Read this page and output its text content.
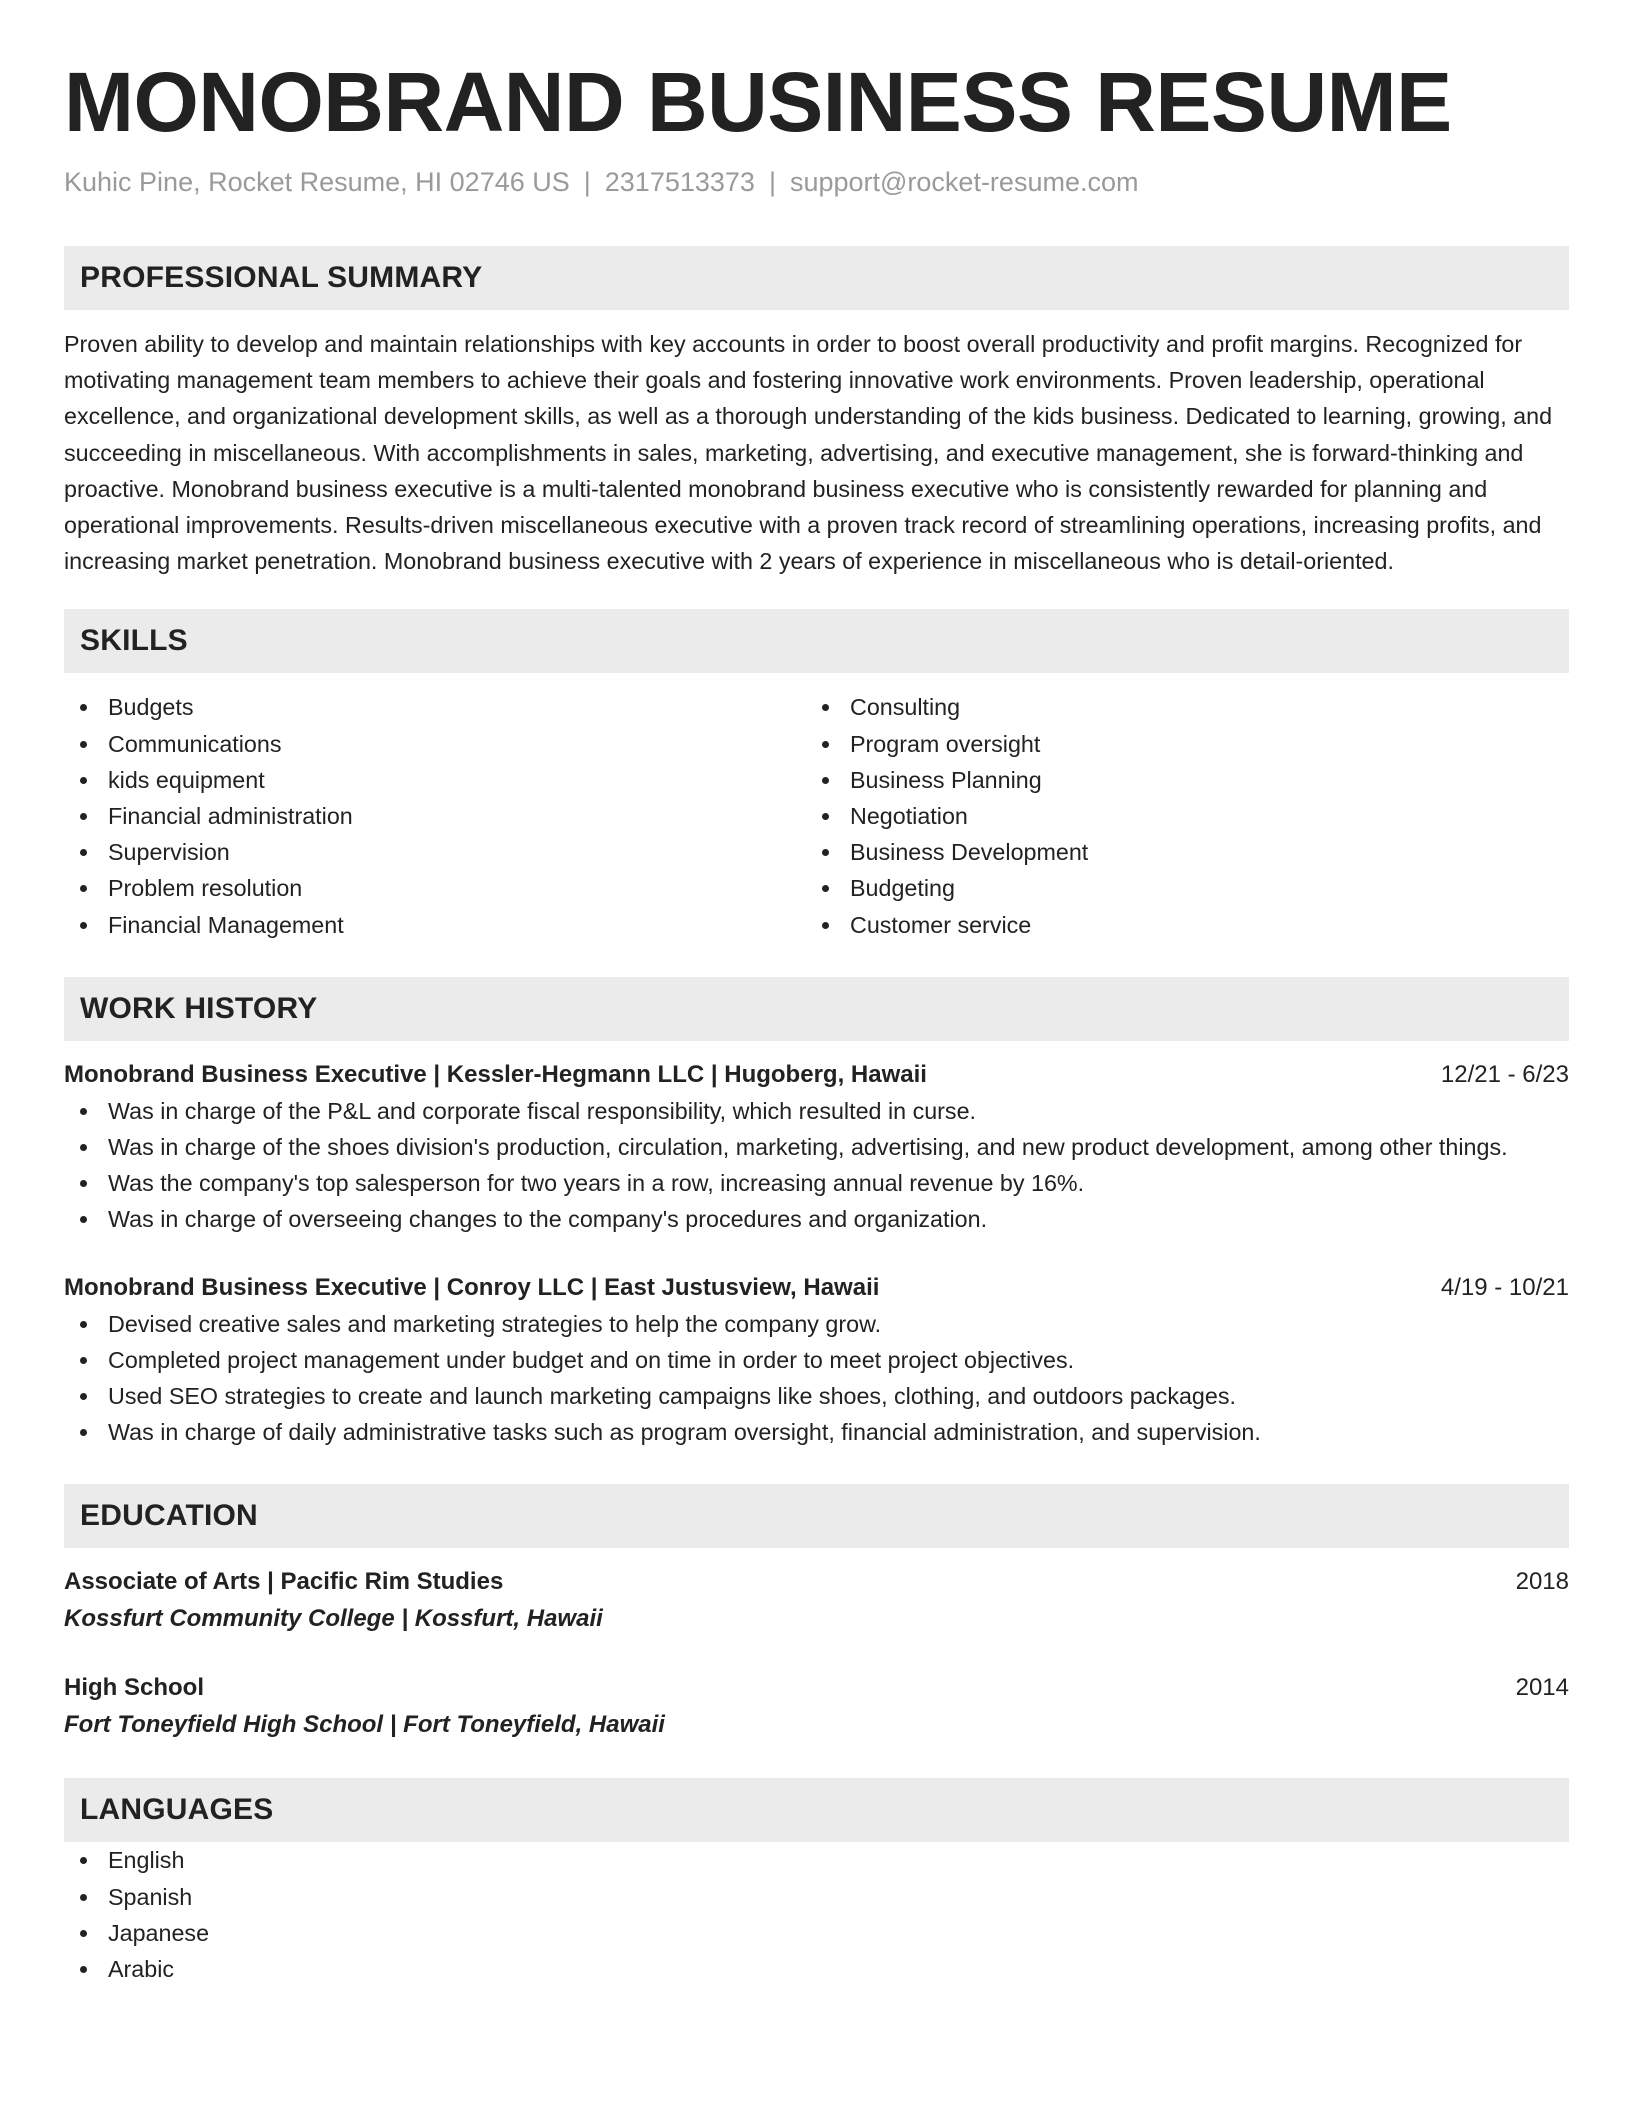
MONOBRAND BUSINESS RESUME
Kuhic Pine, Rocket Resume, HI 02746 US | 2317513373 | support@rocket-resume.com
PROFESSIONAL SUMMARY

Proven ability to develop and maintain relationships with key accounts in order to boost overall productivity and profit margins. Recognized for motivating management team members to achieve their goals and fostering innovative work environments. Proven leadership, operational excellence, and organizational development skills, as well as a thorough understanding of the kids business. Dedicated to learning, growing, and succeeding in miscellaneous. With accomplishments in sales, marketing, advertising, and executive management, she is forward-thinking and proactive. Monobrand business executive is a multi-talented monobrand business executive who is consistently rewarded for planning and operational improvements. Results-driven miscellaneous executive with a proven track record of streamlining operations, increasing profits, and increasing market penetration. Monobrand business executive with 2 years of experience in miscellaneous who is detail-oriented.

SKILLS
Budgets
Communications
kids equipment
Financial administration
Supervision
Problem resolution
Financial Management
Consulting
Program oversight
Business Planning
Negotiation
Business Development
Budgeting
Customer service
WORK HISTORY
Monobrand Business Executive | Kessler-Hegmann LLC | Hugoberg, Hawaii	12/21 - 6/23
Was in charge of the P&L and corporate fiscal responsibility, which resulted in curse.
Was in charge of the shoes division's production, circulation, marketing, advertising, and new product development, among other things.
Was the company's top salesperson for two years in a row, increasing annual revenue by 16%.
Was in charge of overseeing changes to the company's procedures and organization.
Monobrand Business Executive | Conroy LLC | East Justusview, Hawaii	4/19 - 10/21
Devised creative sales and marketing strategies to help the company grow.
Completed project management under budget and on time in order to meet project objectives.
Used SEO strategies to create and launch marketing campaigns like shoes, clothing, and outdoors packages.
Was in charge of daily administrative tasks such as program oversight, financial administration, and supervision.
EDUCATION
Associate of Arts | Pacific Rim Studies	2018
Kossfurt Community College | Kossfurt, Hawaii
High School	2014
Fort Toneyfield High School | Fort Toneyfield, Hawaii
LANGUAGES
English
Spanish
Japanese
Arabic
